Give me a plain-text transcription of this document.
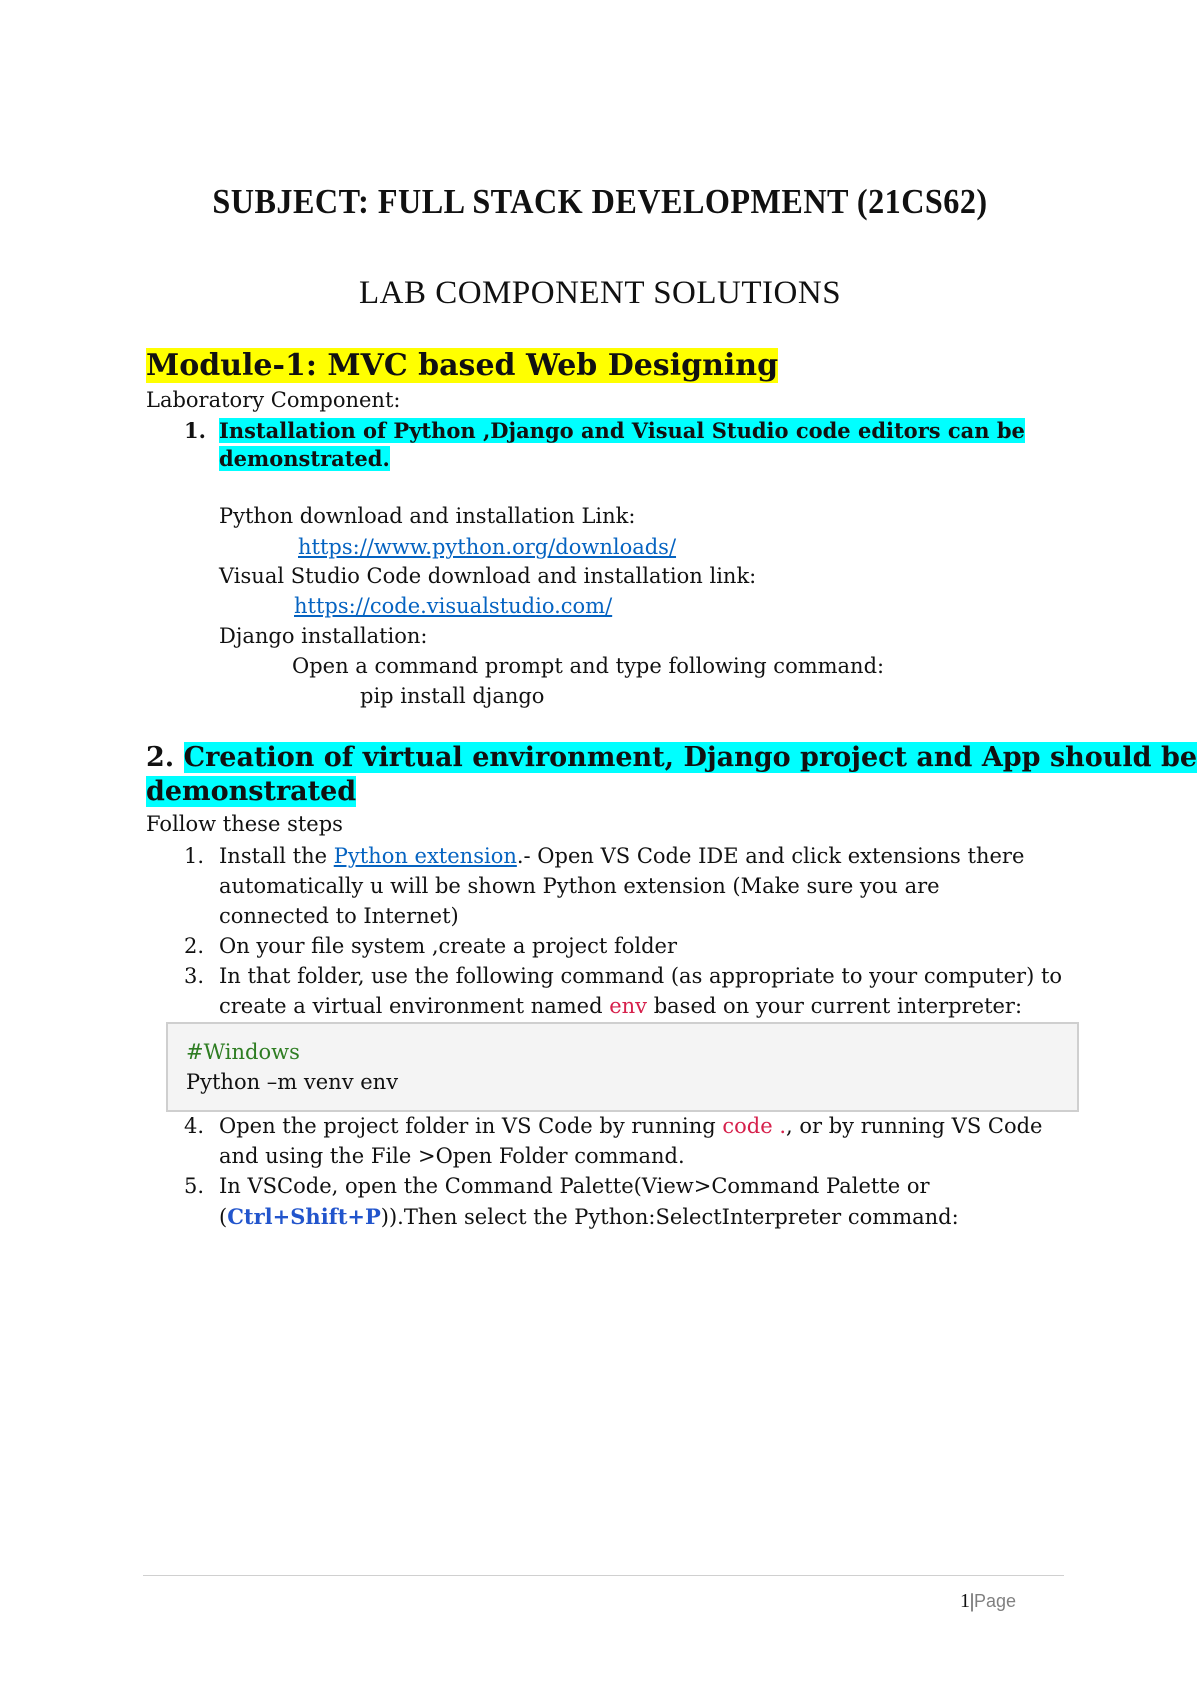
SUBJECT: FULL STACK DEVELOPMENT (21CS62)
LAB COMPONENT SOLUTIONS
Module-1: MVC based Web Designing
Laboratory Component:
1. Installation of Python ,Django and Visual Studio code editors can be
demonstrated.
Python download and installation Link:
https://www.python.org/downloads/
Visual Studio Code download and installation link:
https://code.visualstudio.com/
Django installation:
Open a command prompt and type following command:
pip install django
2. Creation of virtual environment, Django project and App should be
demonstrated
Follow these steps
1. Install the Python extension.- Open VS Code IDE and click extensions there
automatically u will be shown Python extension (Make sure you are
connected to Internet)
2. On your file system ,create a project folder
3. In that folder, use the following command (as appropriate to your computer) to
create a virtual environment named env based on your current interpreter:
#Windows
Python –m venv env
4. Open the project folder in VS Code by running code ., or by running VS Code
and using the File >Open Folder command.
5. In VSCode, open the Command Palette(View>Command Palette or
(Ctrl+Shift+P)).Then select the Python:SelectInterpreter command:
1|Page
